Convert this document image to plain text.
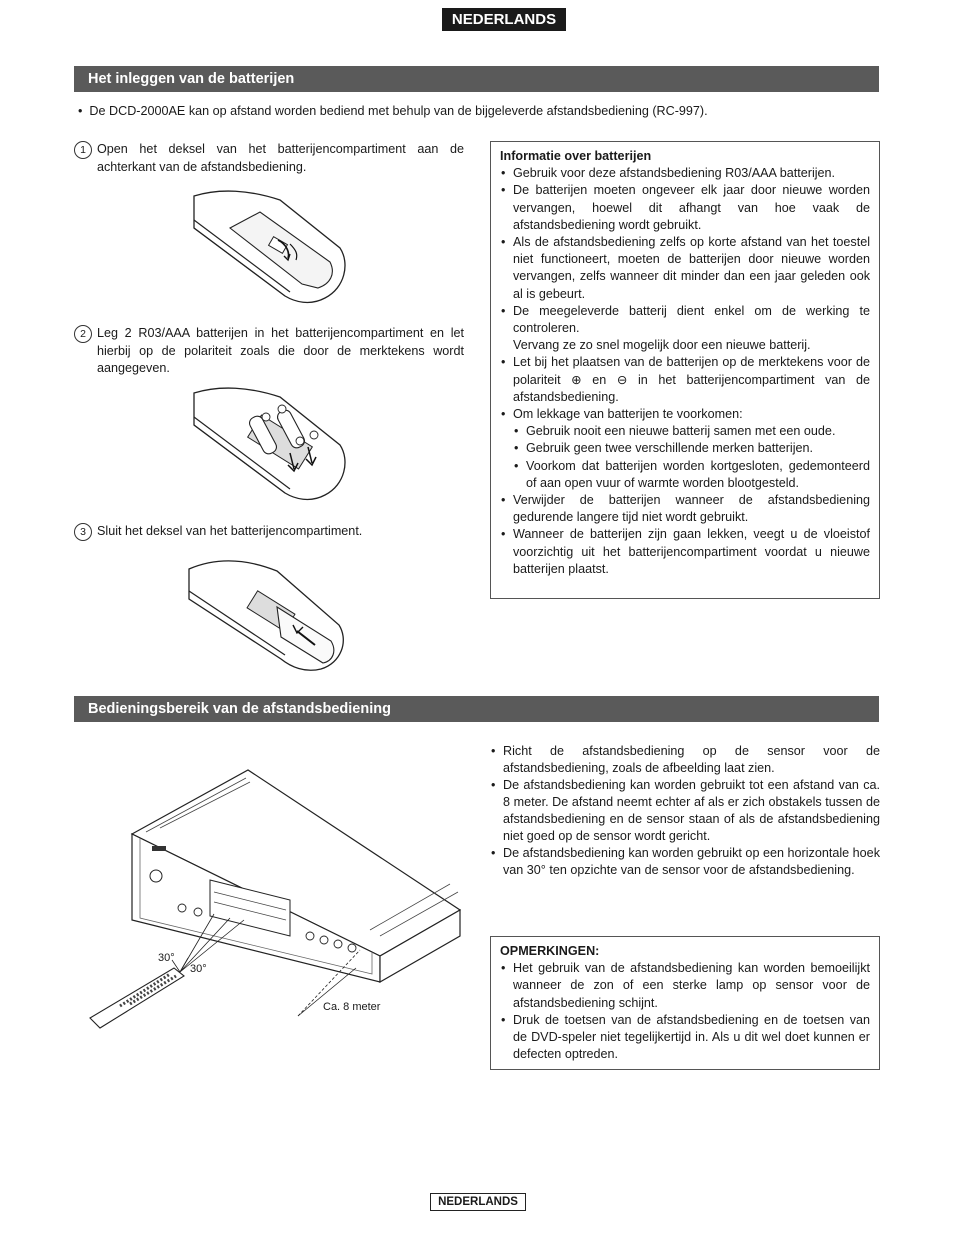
NEDERLANDS
Het inleggen van de batterijen
•  De DCD-2000AE kan op afstand worden bediend met behulp van de bijgeleverde afstandsbediening (RC-997).
1 Open het deksel van het batterijencompartiment aan de achterkant van de afstandsbediening.
2 Leg 2 R03/AAA batterijen in het batterijencompartiment en let hierbij op de polariteit zoals die door de merktekens wordt aangegeven.
3 Sluit het deksel van het batterijencompartiment.
Informatie over batterijen
• Gebruik voor deze afstandsbediening R03/AAA batterijen.
• De batterijen moeten ongeveer elk jaar door nieuwe worden vervangen, hoewel dit afhangt van hoe vaak de afstandsbediening wordt gebruikt.
• Als de afstandsbediening zelfs op korte afstand van het toestel niet functioneert, moeten de batterijen door nieuwe worden vervangen, zelfs wanneer dit minder dan een jaar geleden ook al is gebeurt.
• De meegeleverde batterij dient enkel om de werking te controleren.
Vervang ze zo snel mogelijk door een nieuwe batterij.
• Let bij het plaatsen van de batterijen op de merktekens voor de polariteit ⊕ en ⊖ in het batterijencompartiment van de afstandsbediening.
• Om lekkage van batterijen te voorkomen:
• Gebruik nooit een nieuwe batterij samen met een oude.
• Gebruik geen twee verschillende merken batterijen.
• Voorkom dat batterijen worden kortgesloten, gedemonteerd of aan open vuur of warmte worden blootgesteld.
• Verwijder de batterijen wanneer de afstandsbediening gedurende langere tijd niet wordt gebruikt.
• Wanneer de batterijen zijn gaan lekken, veegt u de vloeistof voorzichtig uit het batterijencompartiment voordat u nieuwe batterijen plaatst.
Bedieningsbereik van de afstandsbediening
30°
30°
Ca. 8 meter
• Richt de afstandsbediening op de sensor voor de afstandsbediening, zoals de afbeelding laat zien.
• De afstandsbediening kan worden gebruikt tot een afstand van ca. 8 meter. De afstand neemt echter af als er zich obstakels tussen de afstandsbediening en de sensor staan of als de afstandsbediening niet goed op de sensor wordt gericht.
• De afstandsbediening kan worden gebruikt op een horizontale hoek van 30° ten opzichte van de sensor voor de afstandsbediening.
OPMERKINGEN:
• Het gebruik van de afstandsbediening kan worden bemoeilijkt wanneer de zon of een sterke lamp op sensor voor de afstandsbediening schijnt.
• Druk de toetsen van de afstandsbediening en de toetsen van de DVD-speler niet tegelijkertijd in. Als u dit wel doet kunnen er defecten optreden.
NEDERLANDS
